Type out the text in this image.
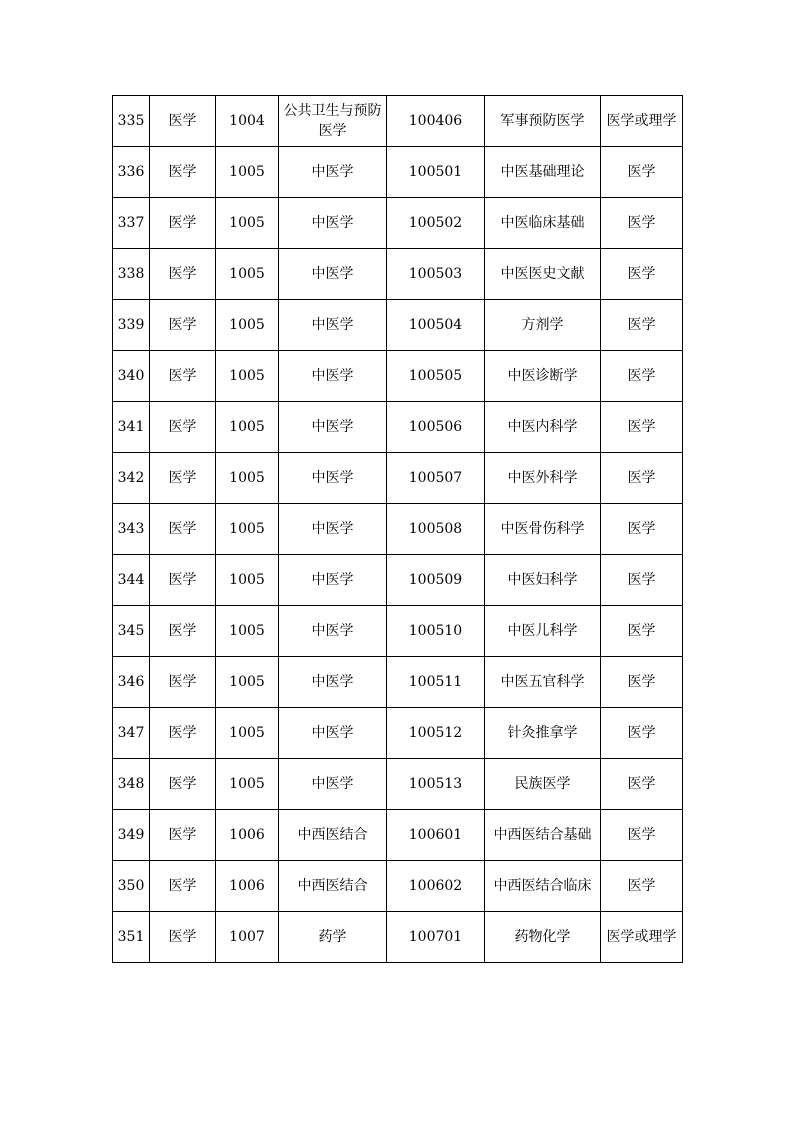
335	医学	1004	公共卫生与预防医学	100406	军事预防医学	医学或理学
336	医学	1005	中医学	100501	中医基础理论	医学
337	医学	1005	中医学	100502	中医临床基础	医学
338	医学	1005	中医学	100503	中医医史文献	医学
339	医学	1005	中医学	100504	方剂学	医学
340	医学	1005	中医学	100505	中医诊断学	医学
341	医学	1005	中医学	100506	中医内科学	医学
342	医学	1005	中医学	100507	中医外科学	医学
343	医学	1005	中医学	100508	中医骨伤科学	医学
344	医学	1005	中医学	100509	中医妇科学	医学
345	医学	1005	中医学	100510	中医儿科学	医学
346	医学	1005	中医学	100511	中医五官科学	医学
347	医学	1005	中医学	100512	针灸推拿学	医学
348	医学	1005	中医学	100513	民族医学	医学
349	医学	1006	中西医结合	100601	中西医结合基础	医学
350	医学	1006	中西医结合	100602	中西医结合临床	医学
351	医学	1007	药学	100701	药物化学	医学或理学
